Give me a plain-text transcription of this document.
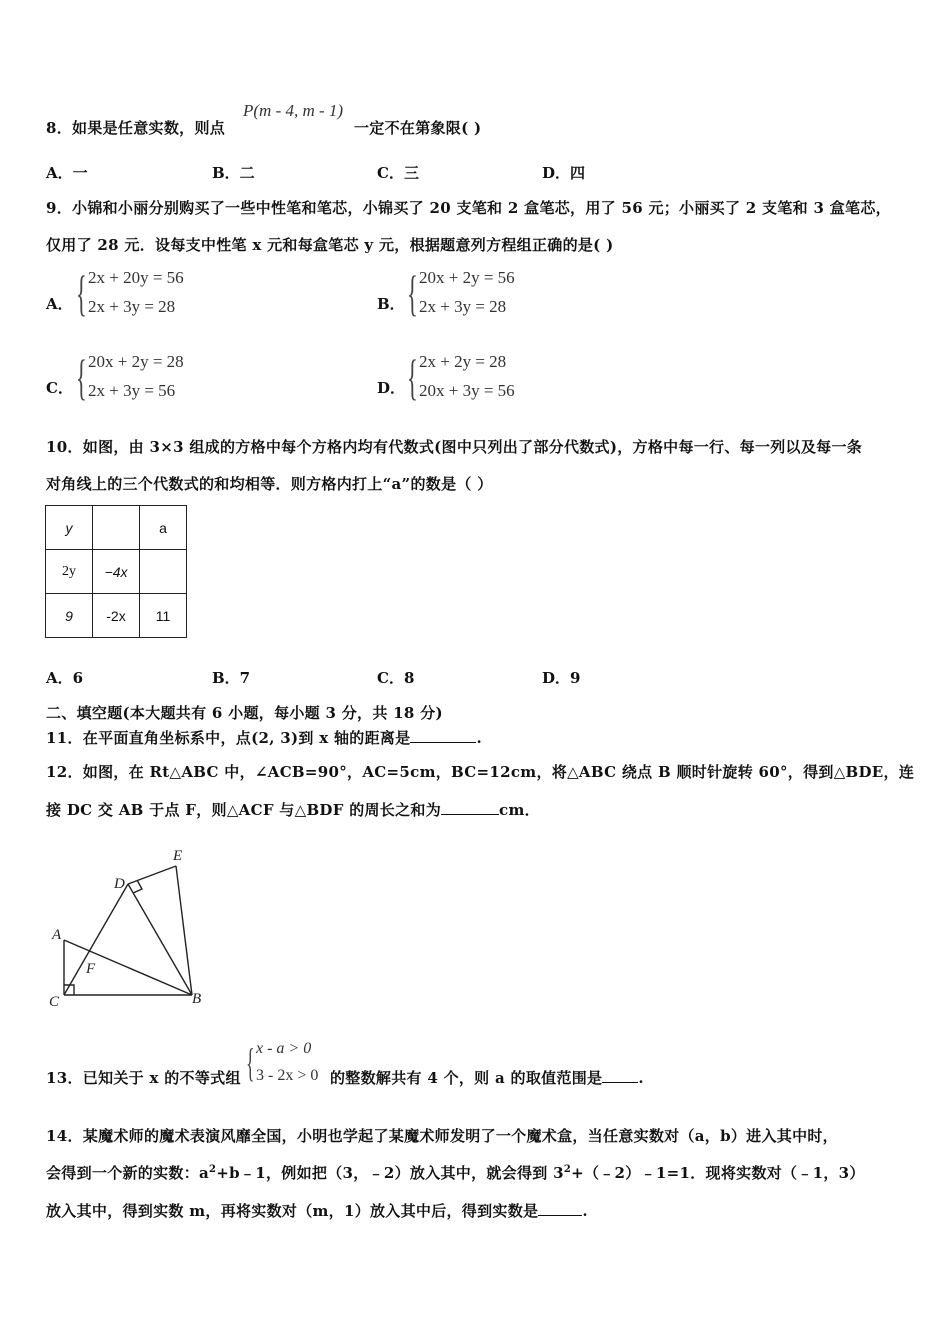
8．如果是任意实数，则点
P(m - 4, m - 1)
一定不在第象限( )
A．一	B．二	C．三	D．四
9．小锦和小丽分别购买了一些中性笔和笔芯，小锦买了 20 支笔和 2 盒笔芯，用了 56 元；小丽买了 2 支笔和 3 盒笔芯，
仅用了 28 元．设每支中性笔 x 元和每盒笔芯 y 元，根据题意列方程组正确的是( )
A． { 2x + 20y = 56
2x + 3y = 28	B． { 20x + 2y = 56
2x + 3y = 28
C． { 20x + 2y = 28
2x + 3y = 56	D． { 2x + 2y = 28
20x + 3y = 56
10．如图，由 3×3 组成的方格中每个方格内均有代数式(图中只列出了部分代数式)，方格中每一行、每一列以及每一条
对角线上的三个代数式的和均相等．则方格内打上“a”的数是（ ）
y		a
2y	−4x	
9	-2x	11
A．6	B．7	C．8	D．9
二、填空题(本大题共有 6 小题，每小题 3 分，共 18 分)
11．在平面直角坐标系中，点(2, 3)到 x 轴的距离是	.
12．如图，在 Rt△ABC 中，∠ACB=90°，AC=5cm，BC=12cm，将△ABC 绕点 B 顺时针旋转 60°，得到△BDE，连
接 DC 交 AB 于点 F，则△ACF 与△BDF 的周长之和为	cm．
A
B
C
D
E
F
13．已知关于 x 的不等式组 { x - a > 0
3 - 2x > 0 的整数解共有 4 个，则 a 的取值范围是 .
14．某魔术师的魔术表演风靡全国，小明也学起了某魔术师发明了一个魔术盒，当任意实数对（a，b）进入其中时，
会得到一个新的实数：$a^2+b﹣1$，例如把（3，﹣2）放入其中，就会得到 $3^2+(﹣2)﹣1=1$．现将实数对（﹣1，3）
放入其中，得到实数 m，再将实数对（m，1）放入其中后，得到实数是	.
